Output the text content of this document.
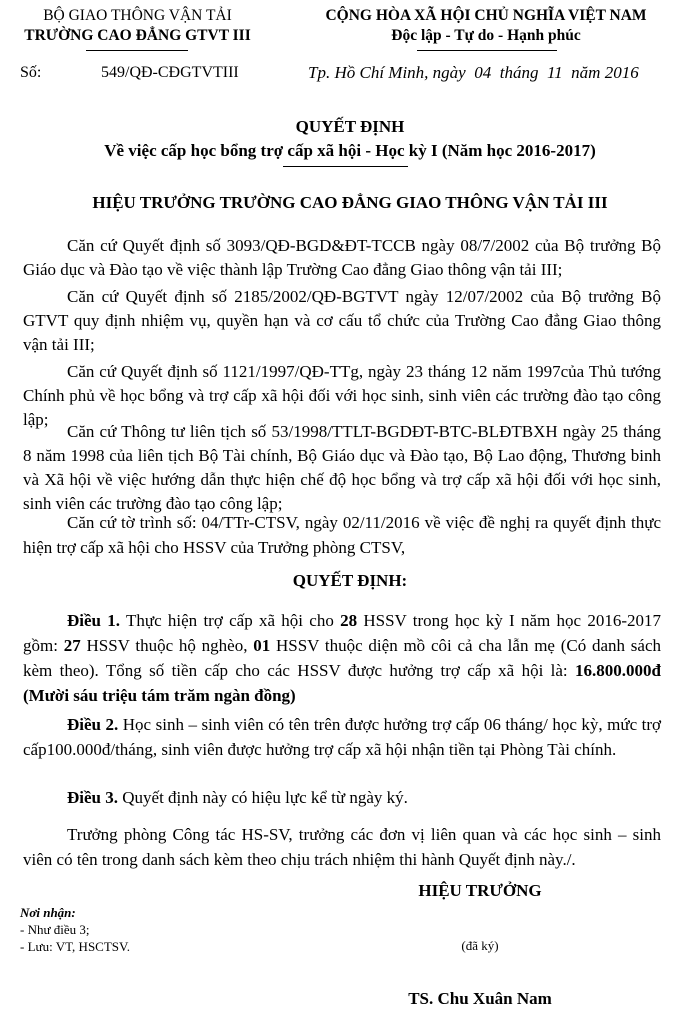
BỘ GIAO THÔNG VẬN TẢI
TRƯỜNG CAO ĐẲNG GTVT III
CỘNG HÒA XÃ HỘI CHỦ NGHĨA VIỆT NAM
Độc lập - Tự do - Hạnh phúc
Số:	549/QĐ-CĐGTVTIII	Tp. Hồ Chí Minh, ngày  04  tháng  11  năm 2016
QUYẾT ĐỊNH
Về việc cấp học bổng trợ cấp xã hội - Học kỳ I (Năm học 2016-2017)
HIỆU TRƯỞNG TRƯỜNG CAO ĐẲNG GIAO THÔNG VẬN TẢI III

Căn cứ Quyết định số 3093/QĐ-BGD&ĐT-TCCB ngày 08/7/2002 của Bộ trưởng Bộ Giáo dục và Đào tạo về việc thành lập Trường Cao đẳng Giao thông vận tải III;

Căn cứ Quyết định số 2185/2002/QĐ-BGTVT ngày 12/07/2002 của Bộ trưởng Bộ GTVT quy định nhiệm vụ, quyền hạn và cơ cấu tổ chức của Trường Cao đẳng Giao thông vận tải III;

Căn cứ Quyết định số 1121/1997/QĐ-TTg, ngày 23 tháng 12 năm 1997của Thủ tướng Chính phủ về học bổng và trợ cấp xã hội đối với học sinh, sinh viên các trường đào tạo công lập;

Căn cứ Thông tư liên tịch số 53/1998/TTLT-BGDĐT-BTC-BLĐTBXH ngày 25 tháng 8 năm 1998 của liên tịch Bộ Tài chính, Bộ Giáo dục và Đào tạo, Bộ Lao động, Thương binh và Xã hội về việc hướng dẫn thực hiện chế độ học bổng và trợ cấp xã hội đối với học sinh, sinh viên các trường đào tạo công lập;

Căn cứ tờ trình số: 04/TTr-CTSV, ngày 02/11/2016 về việc đề nghị ra quyết định thực hiện trợ cấp xã hội cho HSSV của Trưởng phòng CTSV,

QUYẾT ĐỊNH:

Điều 1. Thực hiện trợ cấp xã hội cho 28 HSSV trong học kỳ I năm học 2016-2017 gồm: 27 HSSV thuộc hộ nghèo, 01 HSSV thuộc diện mồ côi cả cha lẫn mẹ (Có danh sách kèm theo). Tổng số tiền cấp cho các HSSV được hưởng trợ cấp xã hội là: 16.800.000đ (Mười sáu triệu tám trăm ngàn đồng)

Điều 2. Học sinh – sinh viên có tên trên được hưởng trợ cấp 06 tháng/ học kỳ, mức trợ cấp100.000đ/tháng, sinh viên được hưởng trợ cấp xã hội nhận tiền tại Phòng Tài chính.

Điều 3. Quyết định này có hiệu lực kể từ ngày ký.

Trưởng phòng Công tác HS-SV, trưởng các đơn vị liên quan và các học sinh – sinh viên có tên trong danh sách kèm theo chịu trách nhiệm thi hành Quyết định này./.

HIỆU TRƯỞNG
(đã ký)
TS. Chu Xuân Nam
Nơi nhận:
- Như điều 3;
- Lưu: VT, HSCTSV.
